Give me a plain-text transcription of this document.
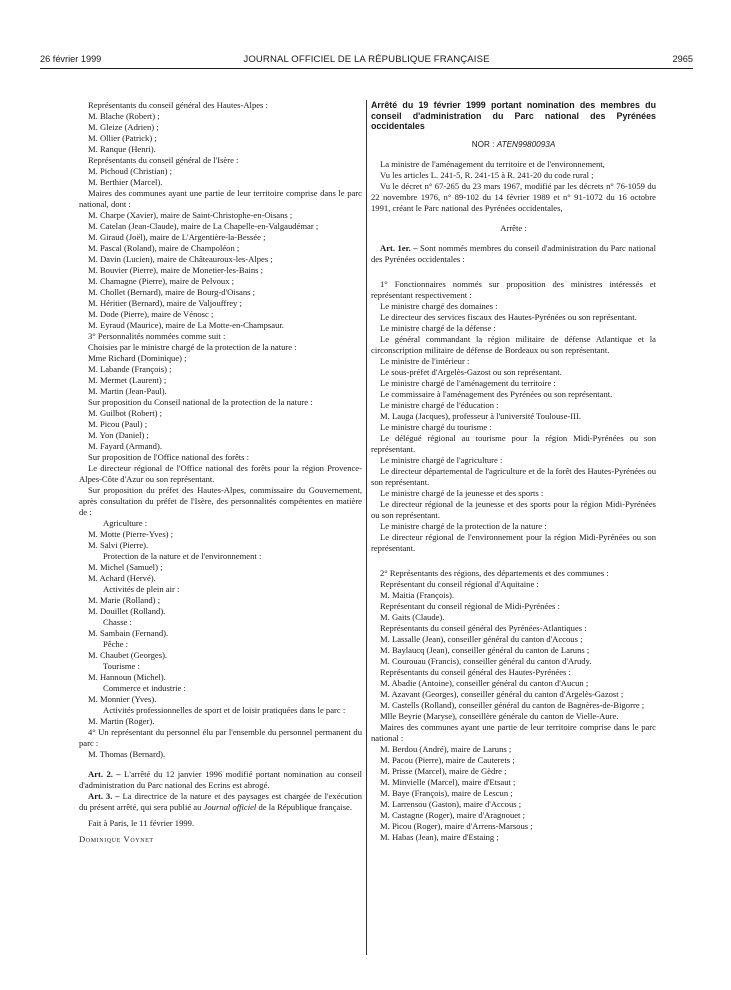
26 février 1999	JOURNAL OFFICIEL DE LA RÉPUBLIQUE FRANÇAISE	2965

Représentants du conseil général des Hautes-Alpes :

M. Blache (Robert) ;

M. Gleize (Adrien) ;

M. Ollier (Patrick) ;

M. Ranque (Henri).

Représentants du conseil général de l'Isère :

M. Pichoud (Christian) ;

M. Berthier (Marcel).

Maires des communes ayant une partie de leur territoire comprise dans le parc national, dont :

M. Charpe (Xavier), maire de Saint-Christophe-en-Oisans ;

M. Catelan (Jean-Claude), maire de La Chapelle-en-Valgaudémar ;

M. Giraud (Joël), maire de L'Argentière-la-Bessée ;

M. Pascal (Roland), maire de Champoléon ;

M. Davin (Lucien), maire de Châteauroux-les-Alpes ;

M. Bouvier (Pierre), maire de Monetier-les-Bains ;

M. Chamagne (Pierre), maire de Pelvoux ;

M. Chollet (Bernard), maire de Bourg-d'Oisans ;

M. Héritier (Bernard), maire de Valjouffrey ;

M. Dode (Pierre), maire de Vénosc ;

M. Eyraud (Maurice), maire de La Motte-en-Champsaur.

3° Personnalités nommées comme suit :

Choisies par le ministre chargé de la protection de la nature :

Mme Richard (Dominique) ;

M. Labande (François) ;

M. Mermet (Laurent) ;

M. Martin (Jean-Paul).

Sur proposition du Conseil national de la protection de la nature :

M. Guilbot (Robert) ;

M. Picou (Paul) ;

M. Yon (Daniel) ;

M. Fayard (Armand).

Sur proposition de l'Office national des forêts :

Le directeur régional de l'Office national des forêts pour la région Provence-Alpes-Côte d'Azur ou son représentant.

Sur proposition du préfet des Hautes-Alpes, commissaire du Gouvernement, après consultation du préfet de l'Isère, des personnalités compétentes en matière de :

Agriculture :

M. Motte (Pierre-Yves) ;

M. Salvi (Pierre).

Protection de la nature et de l'environnement :

M. Michel (Samuel) ;

M. Achard (Hervé).

Activités de plein air :

M. Marie (Rolland) ;

M. Douillet (Rolland).

Chasse :

M. Sambain (Fernand).

Pêche :

M. Chaubet (Georges).

Tourisme :

M. Hannoun (Michel).

Commerce et industrie :

M. Monnier (Yves).

Activités professionnelles de sport et de loisir pratiquées dans le parc :

M. Martin (Roger).

4° Un représentant du personnel élu par l'ensemble du personnel permanent du parc :

M. Thomas (Bernard).

Art. 2. – L'arrêté du 12 janvier 1996 modifié portant nomination au conseil d'administration du Parc national des Ecrins est abrogé.

Art. 3. – La directrice de la nature et des paysages est chargée de l'exécution du présent arrêté, qui sera publié au Journal officiel de la République française.

Fait à Paris, le 11 février 1999.

Dominique Voynet

Arrêté du 19 février 1999 portant nomination des membres du conseil d'administration du Parc national des Pyrénées occidentales

NOR : ATEN9980093A

La ministre de l'aménagement du territoire et de l'environnement,

Vu les articles L. 241-5, R. 241-15 à R. 241-20 du code rural ;

Vu le décret n° 67-265 du 23 mars 1967, modifié par les décrets n° 76-1059 du 22 novembre 1976, n° 89-102 du 14 février 1989 et n° 91-1072 du 16 octobre 1991, créant le Parc national des Pyrénées occidentales,

Arrête :

Art. 1er. – Sont nommés membres du conseil d'administration du Parc national des Pyrénées occidentales :

1° Fonctionnaires nommés sur proposition des ministres intéressés et représentant respectivement :

Le ministre chargé des domaines :

Le directeur des services fiscaux des Hautes-Pyrénées ou son représentant.

Le ministre chargé de la défense :

Le général commandant la région militaire de défense Atlantique et la circonscription militaire de défense de Bordeaux ou son représentant.

Le ministre de l'intérieur :

Le sous-préfet d'Argelès-Gazost ou son représentant.

Le ministre chargé de l'aménagement du territoire :

Le commissaire à l'aménagement des Pyrénées ou son représentant.

Le ministre chargé de l'éducation :

M. Lauga (Jacques), professeur à l'université Toulouse-III.

Le ministre chargé du tourisme :

Le délégué régional au tourisme pour la région Midi-Pyrénées ou son représentant.

Le ministre chargé de l'agriculture :

Le directeur départemental de l'agriculture et de la forêt des Hautes-Pyrénées ou son représentant.

Le ministre chargé de la jeunesse et des sports :

Le directeur régional de la jeunesse et des sports pour la région Midi-Pyrénées ou son représentant.

Le ministre chargé de la protection de la nature :

Le directeur régional de l'environnement pour la région Midi-Pyrénées ou son représentant.

2° Représentants des régions, des départements et des communes :

Représentant du conseil régional d'Aquitaine :

M. Maitia (François).

Représentant du conseil régional de Midi-Pyrénées :

M. Gaits (Claude).

Représentants du conseil général des Pyrénées-Atlantiques :

M. Lassalle (Jean), conseiller général du canton d'Accous ;

M. Baylaucq (Jean), conseiller général du canton de Laruns ;

M. Courouau (Francis), conseiller général du canton d'Arudy.

Représentants du conseil général des Hautes-Pyrénées :

M. Abadie (Antoine), conseiller général du canton d'Aucun ;

M. Azavant (Georges), conseiller général du canton d'Argelès-Gazost ;

M. Castells (Rolland), conseiller général du canton de Bagnères-de-Bigorre ;

Mlle Beyrie (Maryse), conseillère générale du canton de Vielle-Aure.

Maires des communes ayant une partie de leur territoire comprise dans le parc national :

M. Berdou (André), maire de Laruns ;

M. Pacou (Pierre), maire de Cauterets ;

M. Prisse (Marcel), maire de Gèdre ;

M. Minvielle (Marcel), maire d'Etsaut ;

M. Baye (François), maire de Lescun ;

M. Larrensou (Gaston), maire d'Accous ;

M. Castagne (Roger), maire d'Aragnouet ;

M. Picou (Roger), maire d'Arrens-Marsous ;

M. Habas (Jean), maire d'Estaing ;
